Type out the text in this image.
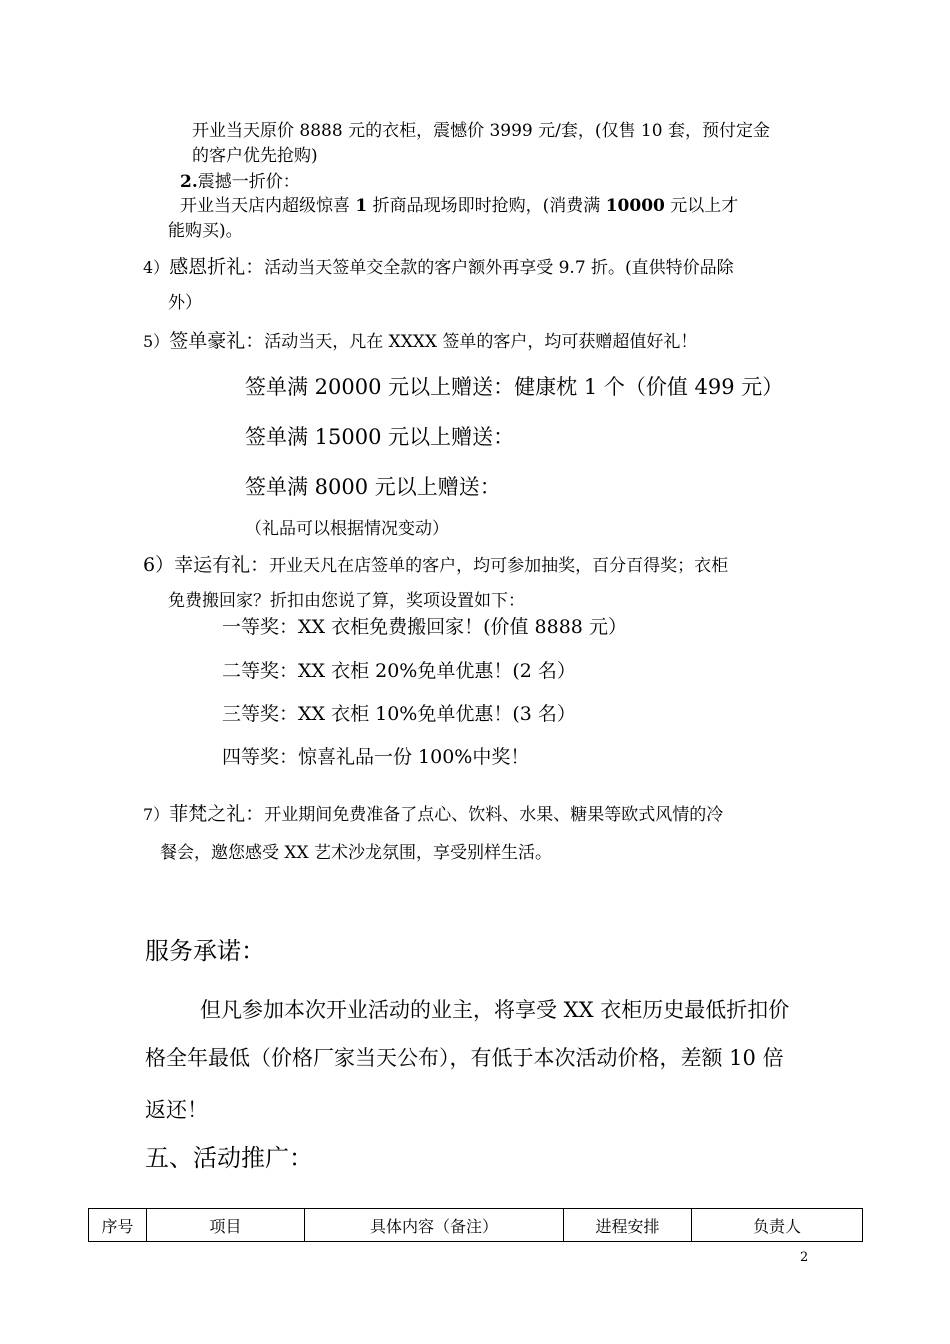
开业当天原价 8888 元的衣柜，震憾价 3999 元/套，(仅售 10 套，预付定金
的客户优先抢购)
2.震撼一折价：
开业当天店内超级惊喜 1 折商品现场即时抢购，(消费满 10000 元以上才
能购买)。
4）感恩折礼：活动当天签单交全款的客户额外再享受 9.7 折。(直供特价品除
外）
5）签单豪礼：活动当天，凡在 XXXX 签单的客户，均可获赠超值好礼！
签单满 20000 元以上赠送：健康枕 1 个（价值 499 元）
签单满 15000 元以上赠送：
签单满 8000 元以上赠送：
（礼品可以根据情况变动）
6）幸运有礼：开业天凡在店签单的客户，均可参加抽奖，百分百得奖；衣柜
免费搬回家？折扣由您说了算，奖项设置如下：
一等奖：XX 衣柜免费搬回家！(价值 8888 元）
二等奖：XX 衣柜 20%免单优惠！(2 名）
三等奖：XX 衣柜 10%免单优惠！(3 名）
四等奖：惊喜礼品一份 100%中奖！
7）菲梵之礼：开业期间免费准备了点心、饮料、水果、糖果等欧式风情的冷
餐会，邀您感受 XX 艺术沙龙氛围，享受别样生活。
服务承诺：
但凡参加本次开业活动的业主，将享受 XX 衣柜历史最低折扣价
格全年最低（价格厂家当天公布），有低于本次活动价格，差额 10 倍
返还！
五、活动推广：
序号	项目	具体内容（备注）	进程安排	负责人
2
